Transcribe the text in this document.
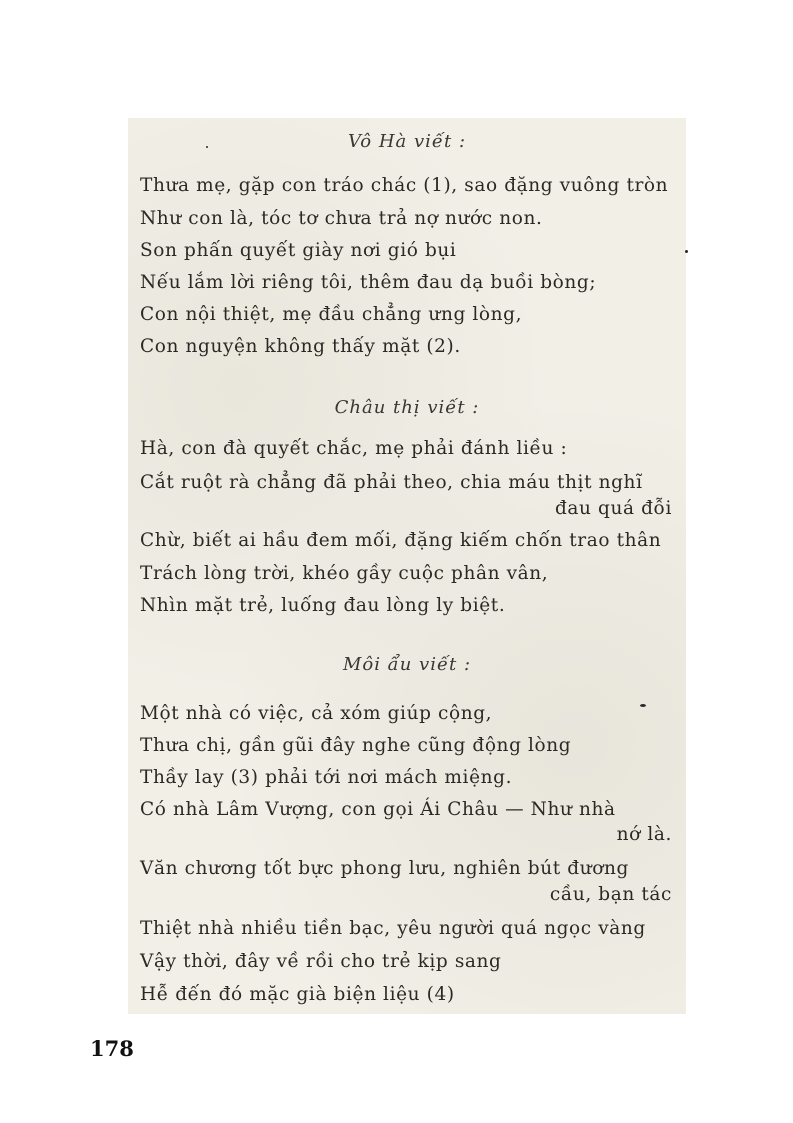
Vô Hà viết :
Thưa mẹ, gặp con tráo chác (1), sao đặng vuông tròn
Như con là, tóc tơ chưa trả nợ nước non.
Son phấn quyết giày nơi gió bụi
Nếu lắm lời riêng tôi, thêm đau dạ buồi bòng;
Con nội thiệt, mẹ đầu chẳng ưng lòng,
Con nguyện không thấy mặt (2).
Châu thị viết :
Hà, con đà quyết chắc, mẹ phải đánh liều :
Cắt ruột rà chẳng đã phải theo, chia máu thịt nghĩ
đau quá đỗi
Chừ, biết ai hầu đem mối, đặng kiếm chốn trao thân
Trách lòng trời, khéo gầy cuộc phân vân,
Nhìn mặt trẻ, luống đau lòng ly biệt.
Môi ẩu viết :
Một nhà có việc, cả xóm giúp cộng,
Thưa chị, gần gũi đây nghe cũng động lòng
Thầy lay (3) phải tới nơi mách miệng.
Có nhà Lâm Vượng, con gọi Ái Châu — Như nhà
nớ là.
Văn chương tốt bực phong lưu, nghiên bút đương
cầu, bạn tác
Thiệt nhà nhiều tiền bạc, yêu người quá ngọc vàng
Vậy thời, đây về rồi cho trẻ kịp sang
Hễ đến đó mặc già biện liệu (4)
178
